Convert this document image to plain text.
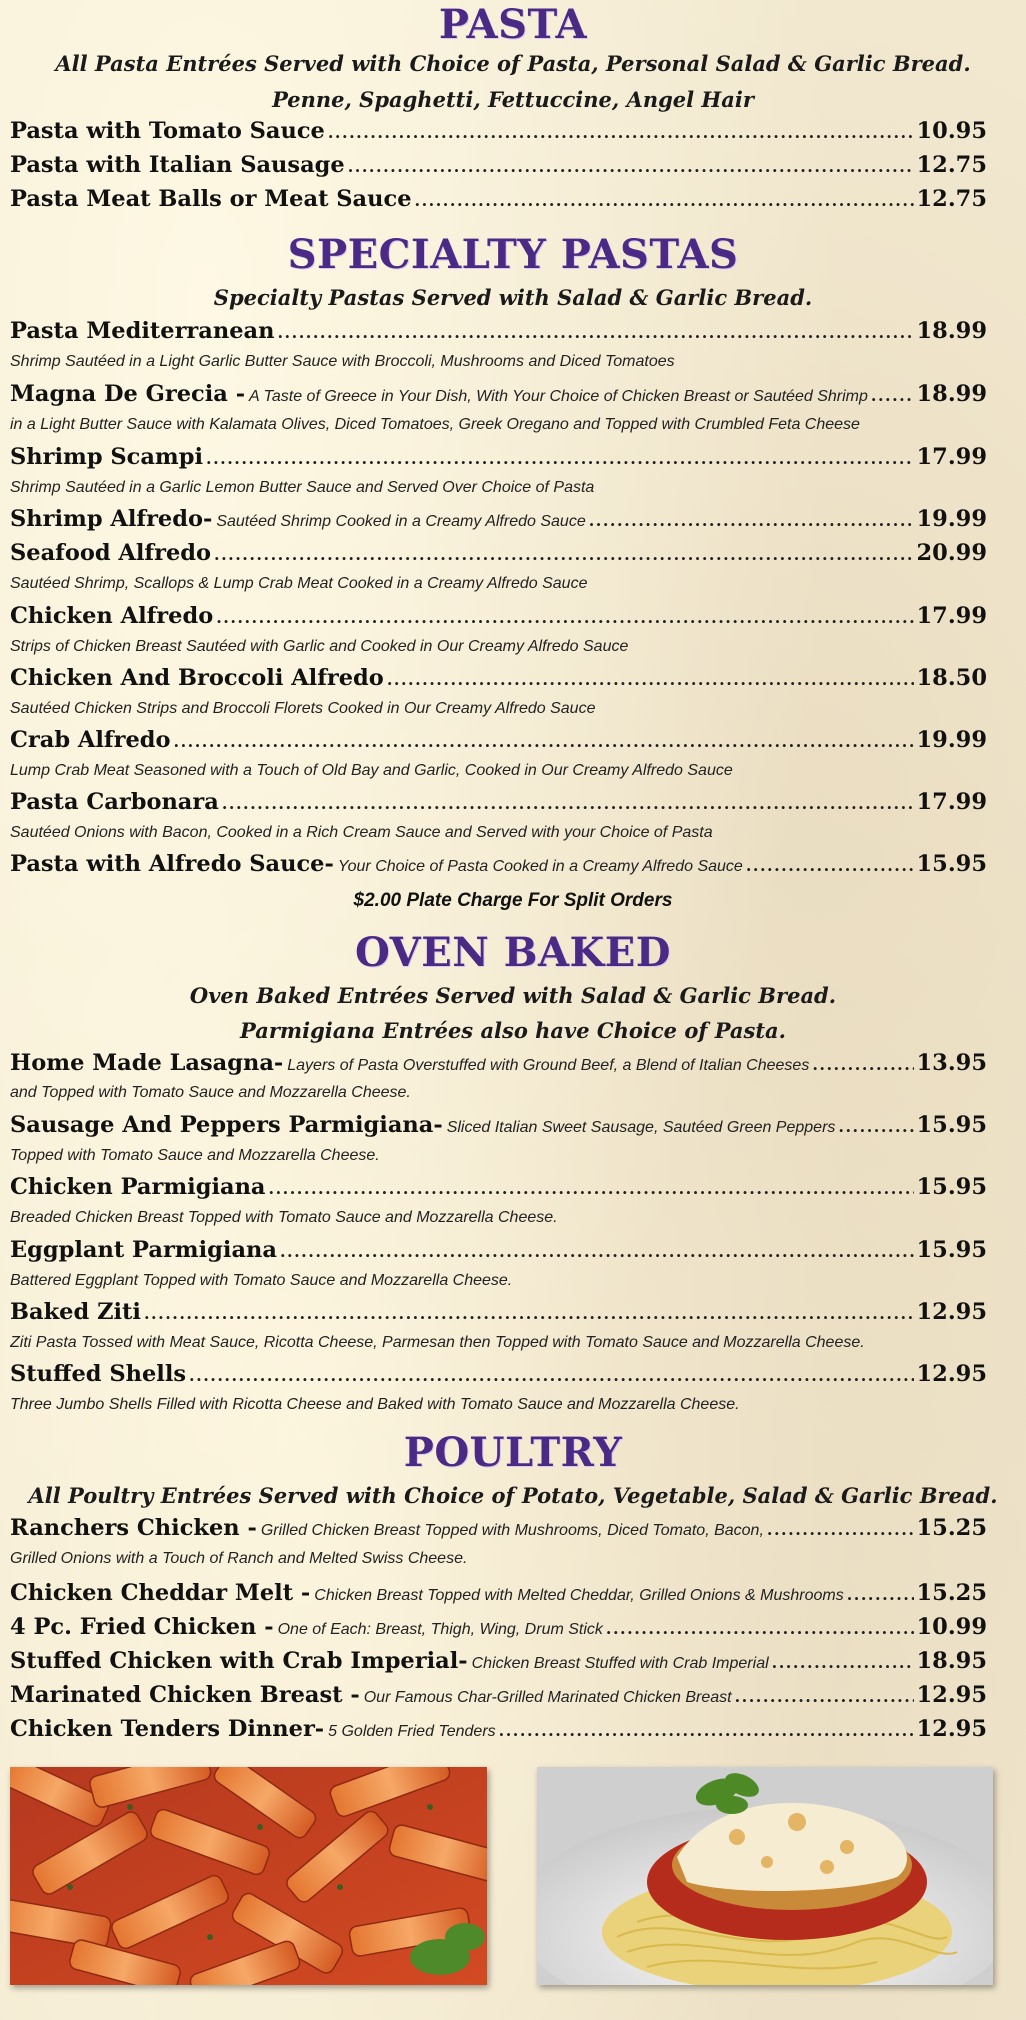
PASTA
All Pasta Entrées Served with Choice of Pasta, Personal Salad & Garlic Bread.
Penne, Spaghetti, Fettuccine, Angel Hair
Pasta with Tomato Sauce .....	10.95
Pasta with Italian Sausage .....	12.75
Pasta Meat Balls or Meat Sauce .....	12.75
SPECIALTY PASTAS
Specialty Pastas Served with Salad & Garlic Bread.
Pasta Mediterranean .....	18.99
Shrimp Sautéed in a Light Garlic Butter Sauce with Broccoli, Mushrooms and Diced Tomatoes
Magna De Grecia - A Taste of Greece in Your Dish, With Your Choice of Chicken Breast or Sautéed Shrimp ..... 18.99
in a Light Butter Sauce with Kalamata Olives, Diced Tomatoes, Greek Oregano and Topped with Crumbled Feta Cheese
Shrimp Scampi .....	17.99
Shrimp Sautéed in a Garlic Lemon Butter Sauce and Served Over Choice of Pasta
Shrimp Alfredo- Sautéed Shrimp Cooked in a Creamy Alfredo Sauce .....	19.99
Seafood Alfredo .....	20.99
Sautéed Shrimp, Scallops & Lump Crab Meat Cooked in a Creamy Alfredo Sauce
Chicken Alfredo .....	17.99
Strips of Chicken Breast Sautéed with Garlic and Cooked in Our Creamy Alfredo Sauce
Chicken And Broccoli Alfredo .....	18.50
Sautéed Chicken Strips and Broccoli Florets Cooked in Our Creamy Alfredo Sauce
Crab Alfredo .....	19.99
Lump Crab Meat Seasoned with a Touch of Old Bay and Garlic, Cooked in Our Creamy Alfredo Sauce
Pasta Carbonara .....	17.99
Sautéed Onions with Bacon, Cooked in a Rich Cream Sauce and Served with your Choice of Pasta
Pasta with Alfredo Sauce- Your Choice of Pasta Cooked in a Creamy Alfredo Sauce .....	15.95
$2.00 Plate Charge For Split Orders
OVEN BAKED
Oven Baked Entrées Served with Salad & Garlic Bread.
Parmigiana Entrées also have Choice of Pasta.
Home Made Lasagna- Layers of Pasta Overstuffed with Ground Beef, a Blend of Italian Cheeses .....	13.95
and Topped with Tomato Sauce and Mozzarella Cheese.
Sausage And Peppers Parmigiana- Sliced Italian Sweet Sausage, Sautéed Green Peppers .....	15.95
Topped with Tomato Sauce and Mozzarella Cheese.
Chicken Parmigiana .....	15.95
Breaded Chicken Breast Topped with Tomato Sauce and Mozzarella Cheese.
Eggplant Parmigiana .....	15.95
Battered Eggplant Topped with Tomato Sauce and Mozzarella Cheese.
Baked Ziti .....	12.95
Ziti Pasta Tossed with Meat Sauce, Ricotta Cheese, Parmesan then Topped with Tomato Sauce and Mozzarella Cheese.
Stuffed Shells .....	12.95
Three Jumbo Shells Filled with Ricotta Cheese and Baked with Tomato Sauce and Mozzarella Cheese.
POULTRY
All Poultry Entrées Served with Choice of Potato, Vegetable, Salad & Garlic Bread.
Ranchers Chicken - Grilled Chicken Breast Topped with Mushrooms, Diced Tomato, Bacon, .....	15.25
Grilled Onions with a Touch of Ranch and Melted Swiss Cheese.
Chicken Cheddar Melt - Chicken Breast Topped with Melted Cheddar, Grilled Onions & Mushrooms .....	15.25
4 Pc. Fried Chicken - One of Each: Breast, Thigh, Wing, Drum Stick .....	10.99
Stuffed Chicken with Crab Imperial- Chicken Breast Stuffed with Crab Imperial .....	18.95
Marinated Chicken Breast - Our Famous Char-Grilled Marinated Chicken Breast .....	12.95
Chicken Tenders Dinner- 5 Golden Fried Tenders .....	12.95
